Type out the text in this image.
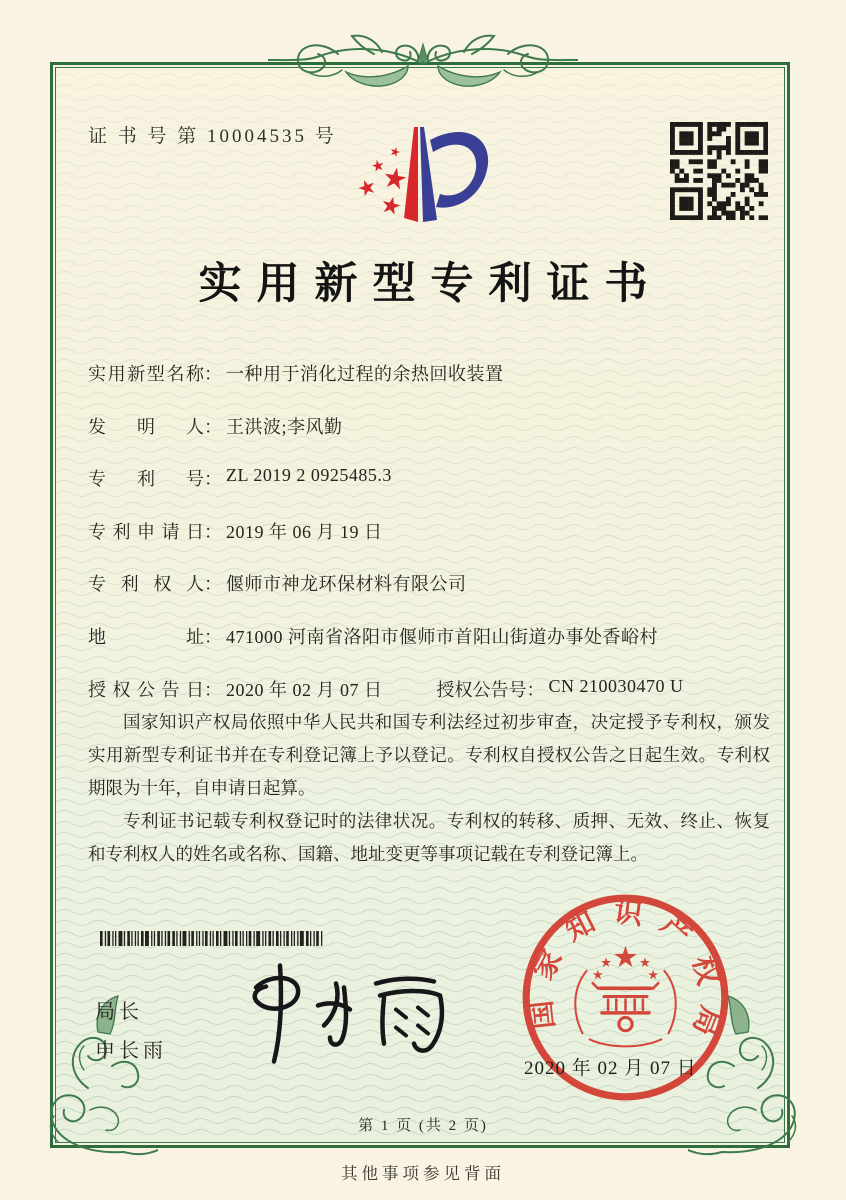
证 书 号 第 10004535 号
实用新型专利证书
实用新型名称 ： 一种用于消化过程的余热回收装置
发 明 人 ： 王洪波;李风勤
专 利 号 ： ZL 2019 2 0925485.3
专利申请日 ： 2019 年 06 月 19 日
专 利 权 人 ： 偃师市神龙环保材料有限公司
地 址 ： 471000 河南省洛阳市偃师市首阳山街道办事处香峪村
授权公告日 ： 2020 年 02 月 07 日	授权公告号 ： CN 210030470 U

国家知识产权局依照中华人民共和国专利法经过初步审查，决定授予专利权，颁发实用新型专利证书并在专利登记簿上予以登记。专利权自授权公告之日起生效。专利权期限为十年，自申请日起算。

专利证书记载专利权登记时的法律状况。专利权的转移、质押、无效、终止、恢复和专利权人的姓名或名称、国籍、地址变更等事项记载在专利登记簿上。

局长
申长雨
国家知识产权局
2020 年 02 月 07 日
第 1 页 (共 2 页)
其他事项参见背面
